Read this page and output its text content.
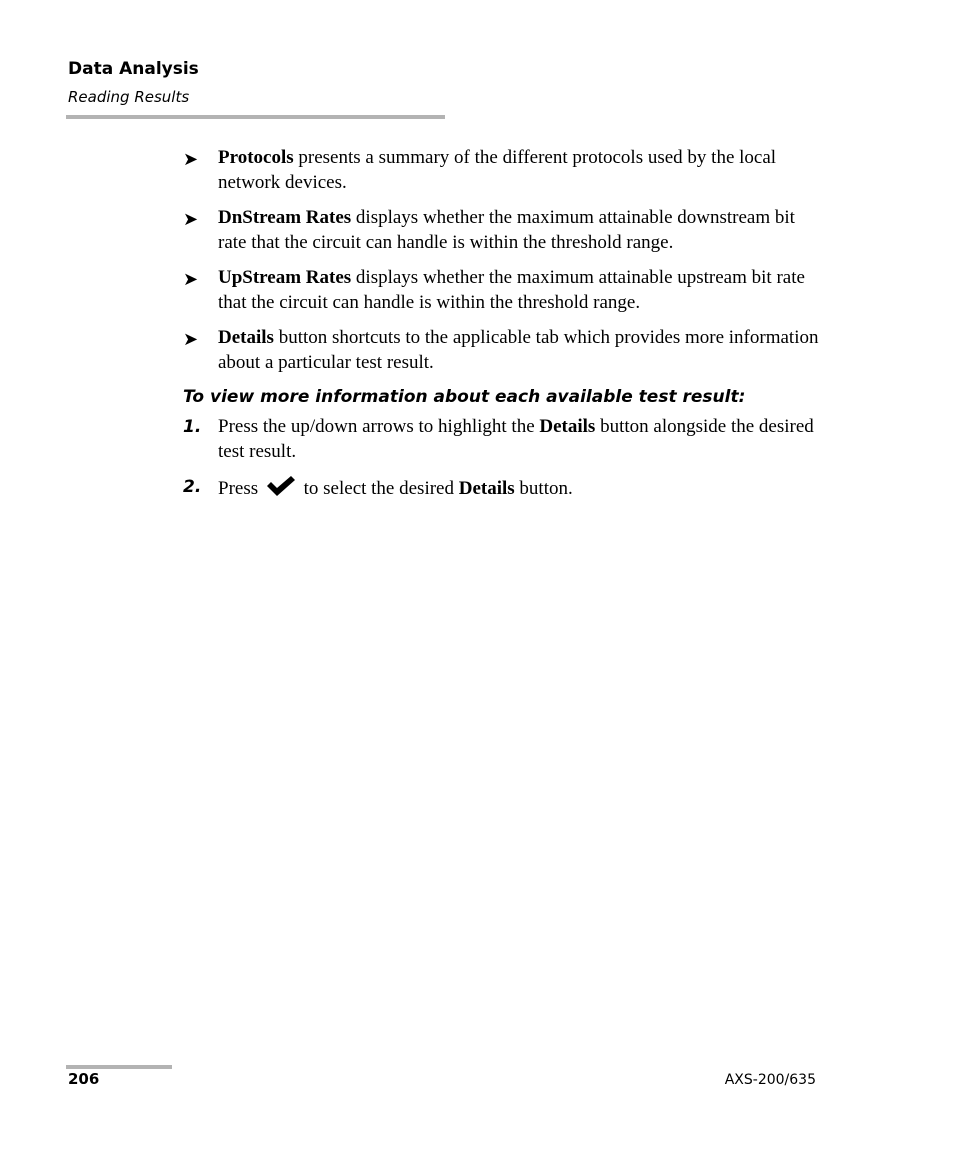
Data Analysis
Reading Results
➤ Protocols presents a summary of the different protocols used by the local network devices.
➤ DnStream Rates displays whether the maximum attainable downstream bit rate that the circuit can handle is within the threshold range.
➤ UpStream Rates displays whether the maximum attainable upstream bit rate that the circuit can handle is within the threshold range.
➤ Details button shortcuts to the applicable tab which provides more information about a particular test result.
To view more information about each available test result:
1. Press the up/down arrows to highlight the Details button alongside the desired test result.
2. Press  to select the desired Details button.
206	AXS-200/635
